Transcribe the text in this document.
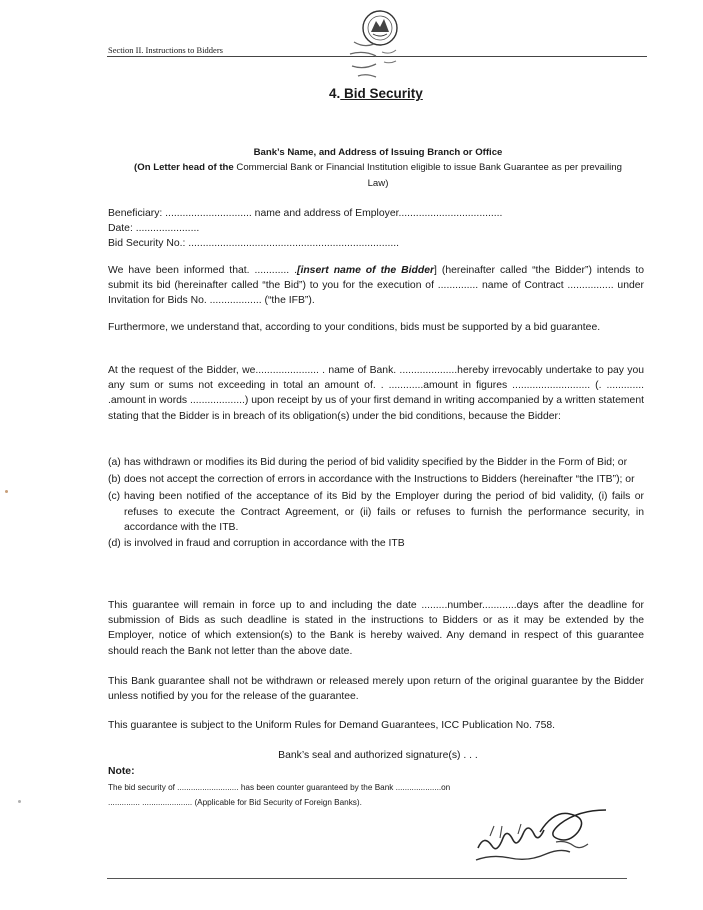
Section II. Instructions to Bidders
4. Bid Security
Bank’s Name, and Address of Issuing Branch or Office
(On Letter head of the Commercial Bank or Financial Institution eligible to issue Bank Guarantee as per prevailing
Law)
Beneficiary: .............................. name and address of Employer....................................
Date: ......................
Bid Security No.: .........................................................................
We have been informed that. ............ .[insert name of the Bidder] (hereinafter called “the Bidder”) intends to submit its bid (hereinafter called “the Bid”) to you for the execution of .............. name of Contract ................ under Invitation for Bids No. .................. (“the IFB”).
Furthermore, we understand that, according to your conditions, bids must be supported by a bid guarantee.
At the request of the Bidder, we...................... . name of Bank. ....................hereby irrevocably undertake to pay you any sum or sums not exceeding in total an amount of. . ............amount in figures ........................... (. ............. .amount in words ...................) upon receipt by us of your first demand in writing accompanied by a written statement stating that the Bidder is in breach of its obligation(s) under the bid conditions, because the Bidder:
(a) has withdrawn or modifies its Bid during the period of bid validity specified by the Bidder in the Form of Bid; or
(b) does not accept the correction of errors in accordance with the Instructions to Bidders (hereinafter “the ITB”); or
(c) having been notified of the acceptance of its Bid by the Employer during the period of bid validity, (i) fails or refuses to execute the Contract Agreement, or (ii) fails or refuses to furnish the performance security, in accordance with the ITB.
(d) is involved in fraud and corruption in accordance with the ITB
This guarantee will remain in force up to and including the date .........number............days after the deadline for submission of Bids as such deadline is stated in the instructions to Bidders or as it may be extended by the Employer, notice of which extension(s) to the Bank is hereby waived. Any demand in respect of this guarantee should reach the Bank not letter than the above date.
This Bank guarantee shall not be withdrawn or released merely upon return of the original guarantee by the Bidder unless notified by you for the release of the guarantee.
This guarantee is subject to the Uniform Rules for Demand Guarantees, ICC Publication No. 758.
Bank’s seal and authorized signature(s) . . .
Note:
The bid security of ........................... has been counter guaranteed by the Bank ....................on
.............. ...................... (Applicable for Bid Security of Foreign Banks).
